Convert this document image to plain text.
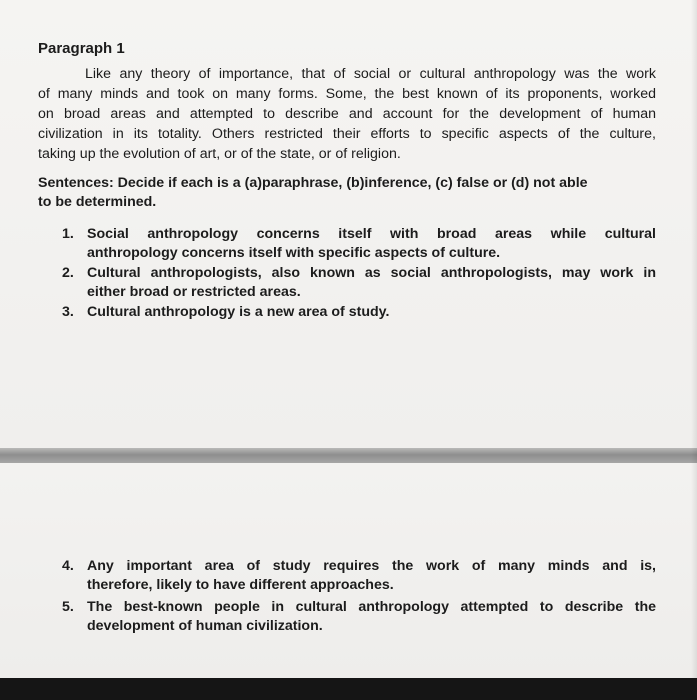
Paragraph 1
Like any theory of importance, that of social or cultural anthropology was the work
of many minds and took on many forms. Some, the best known of its proponents, worked
on broad areas and attempted to describe and account for the development of human
civilization in its totality. Others restricted their efforts to specific aspects of the culture,
taking up the evolution of art, or of the state, or of religion.
Sentences: Decide if each is a (a)paraphrase, (b)inference, (c) false or (d) not able
to be determined.
1. Social anthropology concerns itself with broad areas while cultural
anthropology concerns itself with specific aspects of culture.
2. Cultural anthropologists, also known as social anthropologists, may work in
either broad or restricted areas.
3. Cultural anthropology is a new area of study.
4. Any important area of study requires the work of many minds and is,
therefore, likely to have different approaches.
5. The best-known people in cultural anthropology attempted to describe the
development of human civilization.
